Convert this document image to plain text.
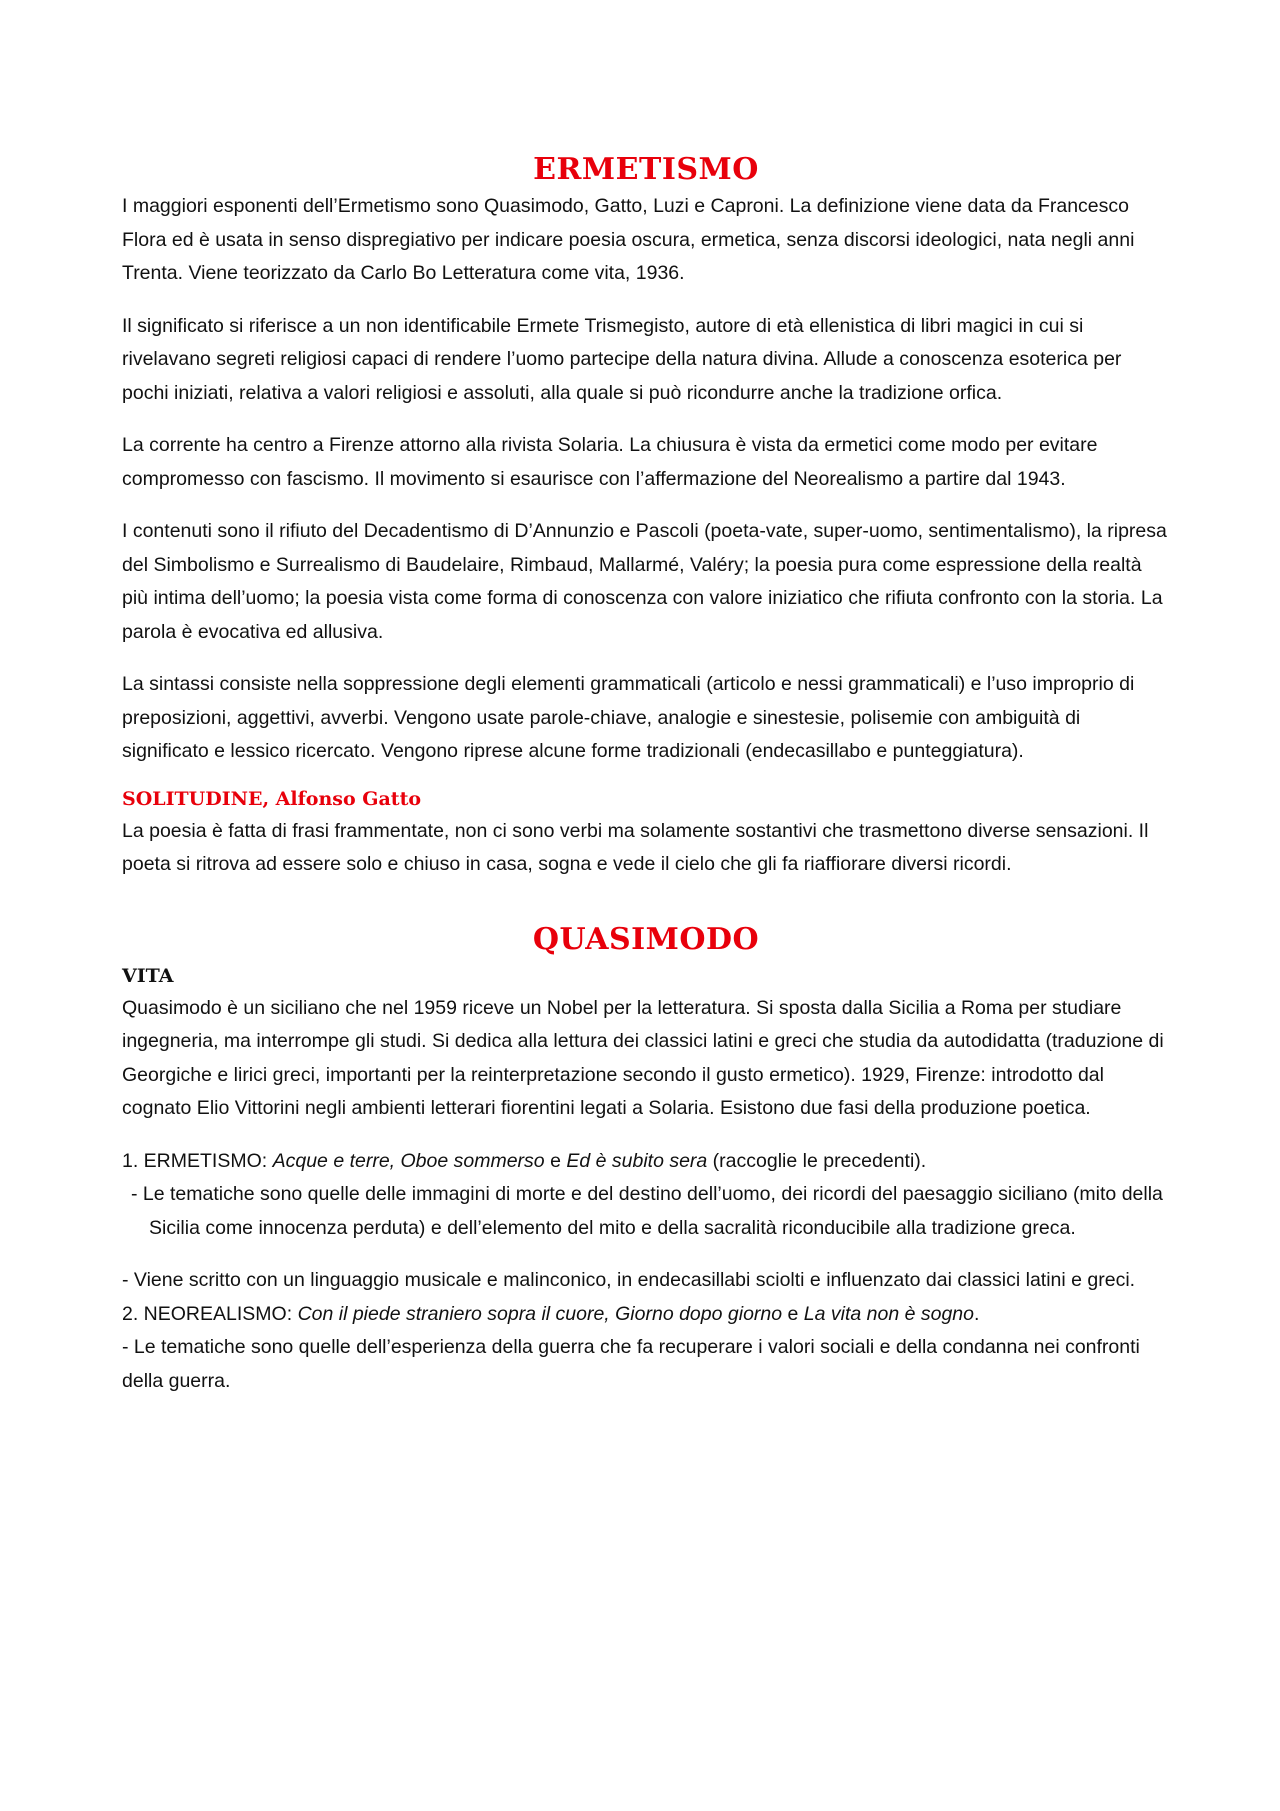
ERMETISMO

I maggiori esponenti dell’Ermetismo sono Quasimodo, Gatto, Luzi e Caproni. La definizione viene data da Francesco Flora ed è usata in senso dispregiativo per indicare poesia oscura, ermetica, senza discorsi ideologici, nata negli anni Trenta. Viene teorizzato da Carlo Bo Letteratura come vita, 1936.

Il significato si riferisce a un non identificabile Ermete Trismegisto, autore di età ellenistica di libri magici in cui si rivelavano segreti religiosi capaci di rendere l’uomo partecipe della natura divina. Allude a conoscenza esoterica per pochi iniziati, relativa a valori religiosi e assoluti, alla quale si può ricondurre anche la tradizione orfica.

La corrente ha centro a Firenze attorno alla rivista Solaria. La chiusura è vista da ermetici come modo per evitare compromesso con fascismo. Il movimento si esaurisce con l’affermazione del Neorealismo a partire dal 1943.

I contenuti sono il rifiuto del Decadentismo di D’Annunzio e Pascoli (poeta-vate, super-uomo, sentimentalismo), la ripresa del Simbolismo e Surrealismo di Baudelaire, Rimbaud, Mallarmé, Valéry; la poesia pura come espressione della realtà più intima dell’uomo; la poesia vista come forma di conoscenza con valore iniziatico che rifiuta confronto con la storia. La parola è evocativa ed allusiva.

La sintassi consiste nella soppressione degli elementi grammaticali (articolo e nessi grammaticali) e l’uso improprio di preposizioni, aggettivi, avverbi. Vengono usate parole-chiave, analogie e sinestesie, polisemie con ambiguità di significato e lessico ricercato. Vengono riprese alcune forme tradizionali (endecasillabo e punteggiatura).

SOLITUDINE, Alfonso Gatto

La poesia è fatta di frasi frammentate, non ci sono verbi ma solamente sostantivi che trasmettono diverse sensazioni. Il poeta si ritrova ad essere solo e chiuso in casa, sogna e vede il cielo che gli fa riaffiorare diversi ricordi.

QUASIMODO
VITA

Quasimodo è un siciliano che nel 1959 riceve un Nobel per la letteratura. Si sposta dalla Sicilia a Roma per studiare ingegneria, ma interrompe gli studi. Si dedica alla lettura dei classici latini e greci che studia da autodidatta (traduzione di Georgiche e lirici greci, importanti per la reinterpretazione secondo il gusto ermetico). 1929, Firenze: introdotto dal cognato Elio Vittorini negli ambienti letterari fiorentini legati a Solaria. Esistono due fasi della produzione poetica.

1. ERMETISMO: Acque e terre, Oboe sommerso e Ed è subito sera (raccoglie le precedenti).

- Le tematiche sono quelle delle immagini di morte e del destino dell’uomo, dei ricordi del paesaggio siciliano (mito della Sicilia come innocenza perduta) e dell’elemento del mito e della sacralità riconducibile alla tradizione greca.

- Viene scritto con un linguaggio musicale e malinconico, in endecasillabi sciolti e influenzato dai classici latini e greci.

2. NEOREALISMO: Con il piede straniero sopra il cuore, Giorno dopo giorno e La vita non è sogno.

- Le tematiche sono quelle dell’esperienza della guerra che fa recuperare i valori sociali e della condanna nei confronti della guerra.
